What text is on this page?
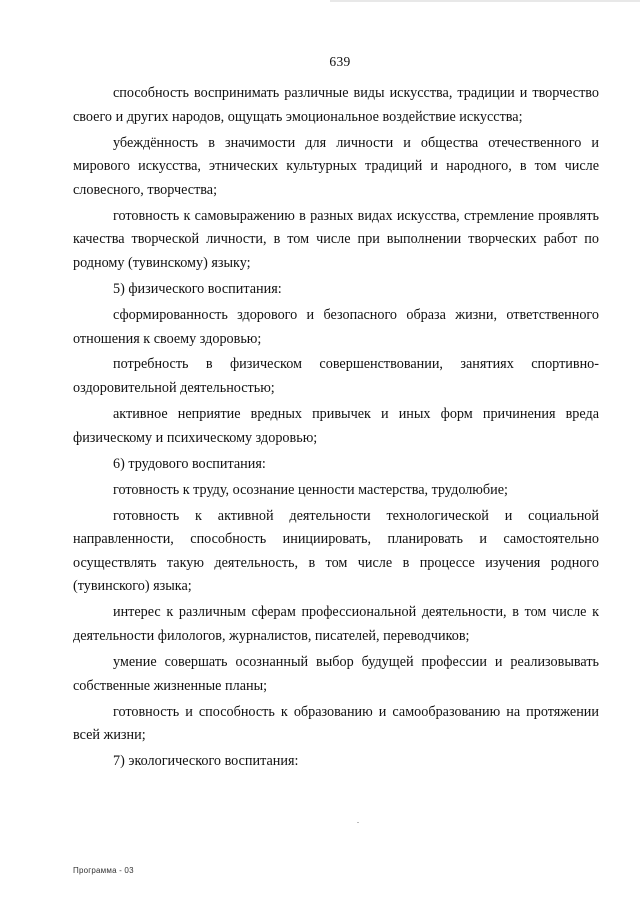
639

способность воспринимать различные виды искусства, традиции и творчество своего и других народов, ощущать эмоциональное воздействие искусства;

убеждённость в значимости для личности и общества отечественного и мирового искусства, этнических культурных традиций и народного, в том числе словесного, творчества;

готовность к самовыражению в разных видах искусства, стремление проявлять качества творческой личности, в том числе при выполнении творческих работ по родному (тувинскому) языку;

5) физического воспитания:

сформированность здорового и безопасного образа жизни, ответственного отношения к своему здоровью;

потребность в физическом совершенствовании, занятиях спортивно-оздоровительной деятельностью;

активное неприятие вредных привычек и иных форм причинения вреда физическому и психическому здоровью;

6) трудового воспитания:

готовность к труду, осознание ценности мастерства, трудолюбие;

готовность к активной деятельности технологической и социальной направленности, способность инициировать, планировать и самостоятельно осуществлять такую деятельность, в том числе в процессе изучения родного (тувинского) языка;

интерес к различным сферам профессиональной деятельности, в том числе к деятельности филологов, журналистов, писателей, переводчиков;

умение совершать осознанный выбор будущей профессии и реализовывать собственные жизненные планы;

готовность и способность к образованию и самообразованию на протяжении всей жизни;

7) экологического воспитания:

Программа - 03
